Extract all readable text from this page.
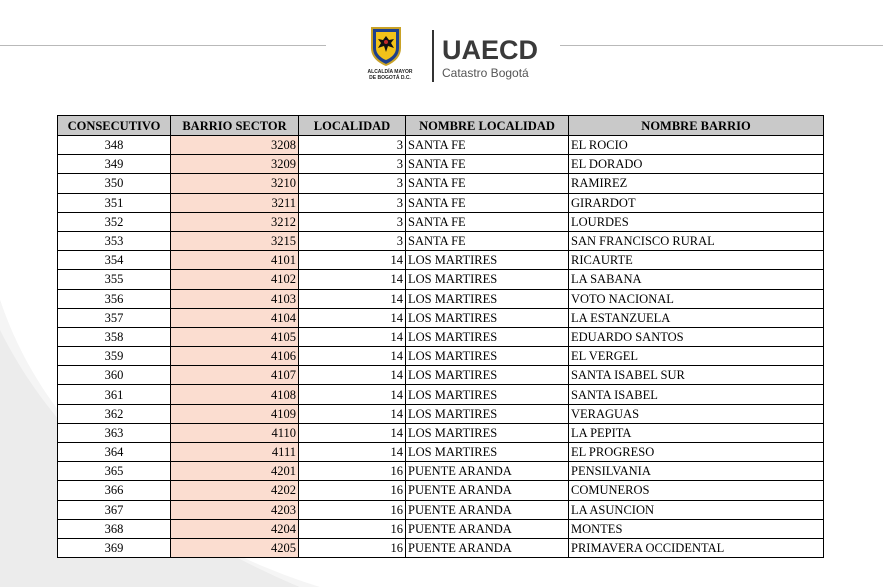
ALCALDÍA MAYOR
DE BOGOTÁ D.C.
UAECD
Catastro Bogotá
CONSECUTIVO	BARRIO SECTOR	LOCALIDAD	NOMBRE LOCALIDAD	NOMBRE BARRIO
348	3208	3	SANTA FE	EL ROCIO
349	3209	3	SANTA FE	EL DORADO
350	3210	3	SANTA FE	RAMIREZ
351	3211	3	SANTA FE	GIRARDOT
352	3212	3	SANTA FE	LOURDES
353	3215	3	SANTA FE	SAN FRANCISCO RURAL
354	4101	14	LOS MARTIRES	RICAURTE
355	4102	14	LOS MARTIRES	LA SABANA
356	4103	14	LOS MARTIRES	VOTO NACIONAL
357	4104	14	LOS MARTIRES	LA ESTANZUELA
358	4105	14	LOS MARTIRES	EDUARDO SANTOS
359	4106	14	LOS MARTIRES	EL VERGEL
360	4107	14	LOS MARTIRES	SANTA ISABEL SUR
361	4108	14	LOS MARTIRES	SANTA ISABEL
362	4109	14	LOS MARTIRES	VERAGUAS
363	4110	14	LOS MARTIRES	LA PEPITA
364	4111	14	LOS MARTIRES	EL PROGRESO
365	4201	16	PUENTE ARANDA	PENSILVANIA
366	4202	16	PUENTE ARANDA	COMUNEROS
367	4203	16	PUENTE ARANDA	LA ASUNCION
368	4204	16	PUENTE ARANDA	MONTES
369	4205	16	PUENTE ARANDA	PRIMAVERA OCCIDENTAL
